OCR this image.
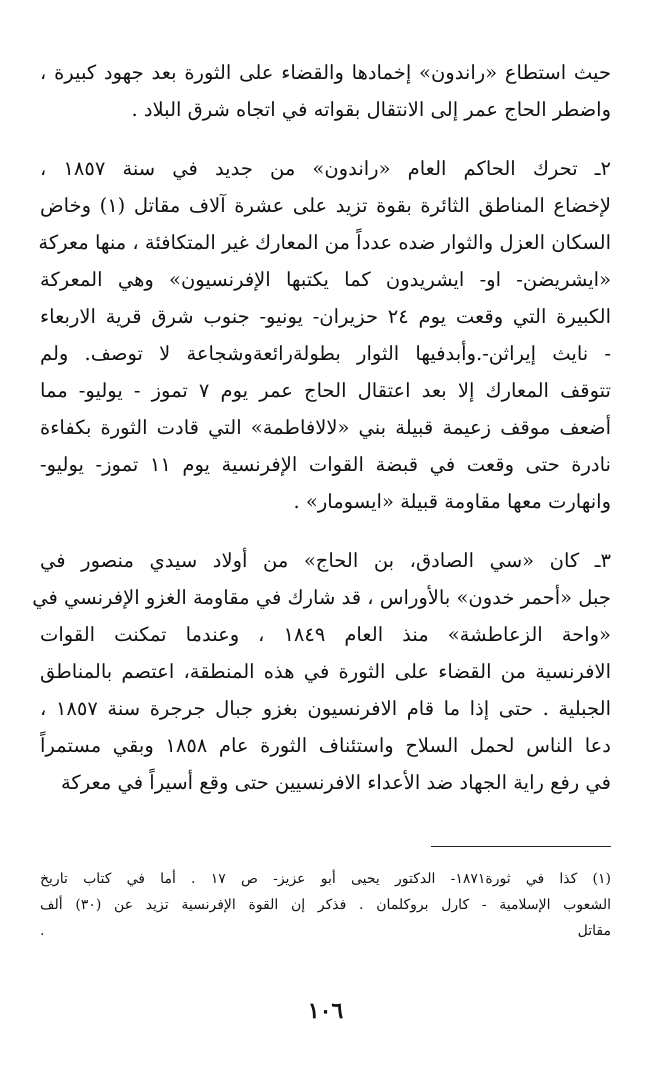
حيث استطاع «راندون» إخمادها والقضاء على الثورة بعد جهود كبيرة ،
واضطر الحاج عمر إلى الانتقال بقواته في اتجاه شرق البلاد .
٢ـ تحرك الحاكم العام «راندون» من جديد في سنة ١٨٥٧ ،
لإخضاع المناطق الثائرة بقوة تزيد على عشرة آلاف مقاتل (١) وخاض
السكان العزل والثوار ضده عدداً من المعارك غير المتكافئة ، منها معركة
«ايشريضن- او- ايشريدون كما يكتبها الإفرنسيون» وهي المعركة
الكبيرة التي وقعت يوم ٢٤ حزيران- يونيو- جنوب شرق قرية الاربعاء
- نايث إيراثن-.وأبدفيها الثوار بطولةرائعةوشجاعة لا توصف. ولم
تتوقف المعارك إلا بعد اعتقال الحاج عمر يوم ٧ تموز - يوليو- مما
أضعف موقف زعيمة قبيلة بني «لالافاطمة» التي قادت الثورة بكفاءة
نادرة حتى وقعت في قبضة القوات الإفرنسية يوم ١١ تموز- يوليو-
وانهارت معها مقاومة قبيلة «ايسومار» .
٣ـ كان «سي الصادق، بن الحاج» من أولاد سيدي منصور في
جبل «أحمر خدون» بالأوراس ، قد شارك في مقاومة الغزو الإفرنسي في
«واحة الزعاطشة» منذ العام ١٨٤٩ ، وعندما تمكنت القوات
الافرنسية من القضاء على الثورة في هذه المنطقة، اعتصم بالمناطق
الجبلية . حتى إذا ما قام الافرنسيون بغزو جبال جرجرة سنة ١٨٥٧ ،
دعا الناس لحمل السلاح واستئناف الثورة عام ١٨٥٨ وبقي مستمراً
في رفع راية الجهاد ضد الأعداء الافرنسيين حتى وقع أسيراً في معركة
(١) كذا في ثورة١٨٧١- الدكتور يحيى أبو عزيز- ص ١٧ . أما في كتاب تاريخ
الشعوب الإسلامية - كارل بروكلمان . فذكر إن القوة الإفرنسية تزيد عن (٣٠) ألف
مقاتل .
١٠٦
